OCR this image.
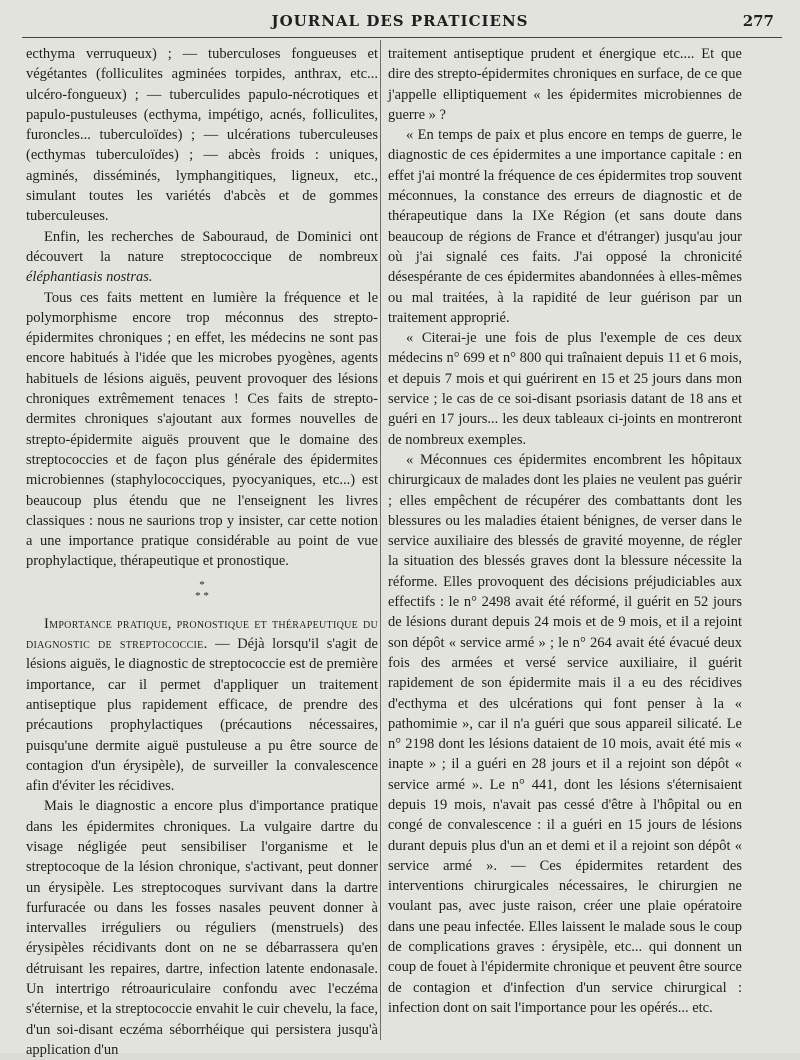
JOURNAL DES PRATICIENS	277

ecthyma verruqueux) ; — tuberculoses fongueuses et végétantes (folliculites agminées torpides, anthrax, etc... ulcéro-fongueux) ; — tuberculides papulo-nécrotiques et papulo-pustuleuses (ecthyma, impétigo, acnés, folliculites, furoncles... tuberculoïdes) ; — ulcérations tuberculeuses (ecthymas tuberculoïdes) ; — abcès froids : uniques, agminés, disséminés, lymphangitiques, ligneux, etc., simulant toutes les variétés d'abcès et de gommes tuberculeuses.

Enfin, les recherches de Sabouraud, de Dominici ont découvert la nature streptococcique de nombreux éléphantiasis nostras.

Tous ces faits mettent en lumière la fréquence et le polymorphisme encore trop méconnus des strepto-épidermites chroniques ; en effet, les médecins ne sont pas encore habitués à l'idée que les microbes pyogènes, agents habituels de lésions aiguës, peuvent provoquer des lésions chroniques extrêmement tenaces ! Ces faits de strepto-dermites chroniques s'ajoutant aux formes nouvelles de strepto-épidermite aiguës prouvent que le domaine des streptococcies et de façon plus générale des épidermites microbiennes (staphylococciques, pyocyaniques, etc...) est beaucoup plus étendu que ne l'enseignent les livres classiques : nous ne saurions trop y insister, car cette notion a une importance pratique considérable au point de vue prophylactique, thérapeutique et pronostique.

*
* *

Importance pratique, pronostique et thérapeutique du diagnostic de streptococcie. — Déjà lorsqu'il s'agit de lésions aiguës, le diagnostic de streptococcie est de première importance, car il permet d'appliquer un traitement antiseptique plus rapidement efficace, de prendre des précautions prophylactiques (précautions nécessaires, puisqu'une dermite aiguë pustuleuse a pu être source de contagion d'un érysipèle), de surveiller la convalescence afin d'éviter les récidives.

Mais le diagnostic a encore plus d'importance pratique dans les épidermites chroniques. La vulgaire dartre du visage négligée peut sensibiliser l'organisme et le streptocoque de la lésion chronique, s'activant, peut donner un érysipèle. Les streptocoques survivant dans la dartre furfuracée ou dans les fosses nasales peuvent donner à intervalles irréguliers ou réguliers (menstruels) des érysipèles récidivants dont on ne se débarrassera qu'en détruisant les repaires, dartre, infection latente endonasale. Un intertrigo rétroauriculaire confondu avec l'eczéma s'éternise, et la streptococcie envahit le cuir chevelu, la face, d'un soi-disant eczéma séborrhéique qui persistera jusqu'à application d'un

traitement antiseptique prudent et énergique etc.... Et que dire des strepto-épidermites chroniques en surface, de ce que j'appelle elliptiquement « les épidermites microbiennes de guerre » ?

« En temps de paix et plus encore en temps de guerre, le diagnostic de ces épidermites a une importance capitale : en effet j'ai montré la fréquence de ces épidermites trop souvent méconnues, la constance des erreurs de diagnostic et de thérapeutique dans la IXe Région (et sans doute dans beaucoup de régions de France et d'étranger) jusqu'au jour où j'ai signalé ces faits. J'ai opposé la chronicité désespérante de ces épidermites abandonnées à elles-mêmes ou mal traitées, à la rapidité de leur guérison par un traitement approprié.

« Citerai-je une fois de plus l'exemple de ces deux médecins n° 699 et n° 800 qui traînaient depuis 11 et 6 mois, et depuis 7 mois et qui guérirent en 15 et 25 jours dans mon service ; le cas de ce soi-disant psoriasis datant de 18 ans et guéri en 17 jours... les deux tableaux ci-joints en montreront de nombreux exemples.

« Méconnues ces épidermites encombrent les hôpitaux chirurgicaux de malades dont les plaies ne veulent pas guérir ; elles empêchent de récupérer des combattants dont les blessures ou les maladies étaient bénignes, de verser dans le service auxiliaire des blessés de gravité moyenne, de régler la situation des blessés graves dont la blessure nécessite la réforme. Elles provoquent des décisions préjudiciables aux effectifs : le n° 2498 avait été réformé, il guérit en 52 jours de lésions durant depuis 24 mois et de 9 mois, et il a rejoint son dépôt « service armé » ; le n° 264 avait été évacué deux fois des armées et versé service auxiliaire, il guérit rapidement de son épidermite mais il a eu des récidives d'ecthyma et des ulcérations qui font penser à la « pathomimie », car il n'a guéri que sous appareil silicaté. Le n° 2198 dont les lésions dataient de 10 mois, avait été mis « inapte » ; il a guéri en 28 jours et il a rejoint son dépôt « service armé ». Le n° 441, dont les lésions s'éternisaient depuis 19 mois, n'avait pas cessé d'être à l'hôpital ou en congé de convalescence : il a guéri en 15 jours de lésions durant depuis plus d'un an et demi et il a rejoint son dépôt « service armé ». — Ces épidermites retardent des interventions chirurgicales nécessaires, le chirurgien ne voulant pas, avec juste raison, créer une plaie opératoire dans une peau infectée. Elles laissent le malade sous le coup de complications graves : érysipèle, etc... qui donnent un coup de fouet à l'épidermite chronique et peuvent être source de contagion et d'infection d'un service chirurgical : infection dont on sait l'importance pour les opérés... etc.
